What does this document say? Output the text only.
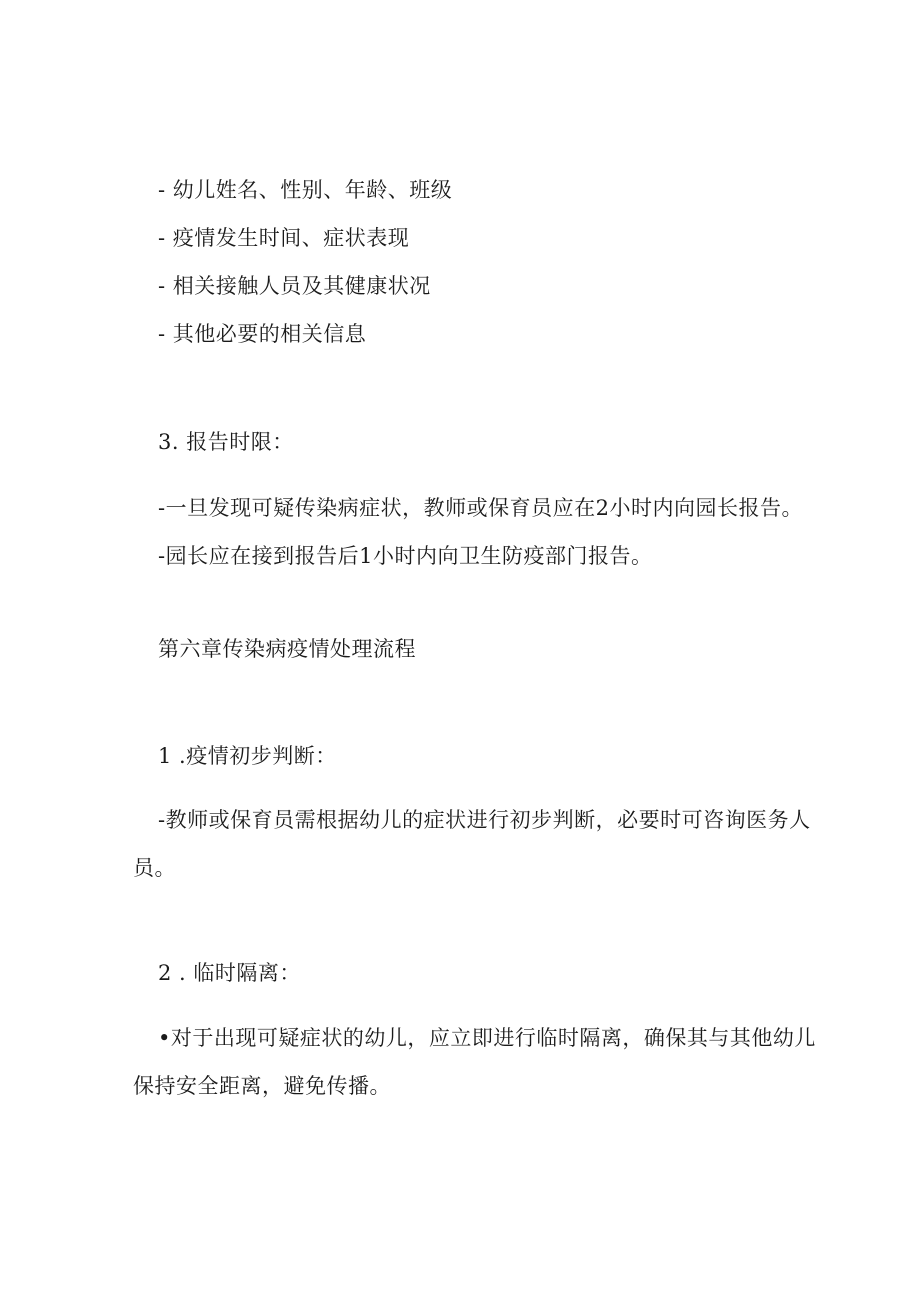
- 幼儿姓名、性别、年龄、班级
- 疫情发生时间、症状表现
- 相关接触人员及其健康状况
- 其他必要的相关信息
3. 报告时限：
-一旦发现可疑传染病症状，教师或保育员应在2小时内向园长报告。
-园长应在接到报告后1小时内向卫生防疫部门报告。
第六章传染病疫情处理流程
1 .疫情初步判断：
-教师或保育员需根据幼儿的症状进行初步判断，必要时可咨询医务人员。
2 . 临时隔离：
•对于出现可疑症状的幼儿，应立即进行临时隔离，确保其与其他幼儿保持安全距离，避免传播。
